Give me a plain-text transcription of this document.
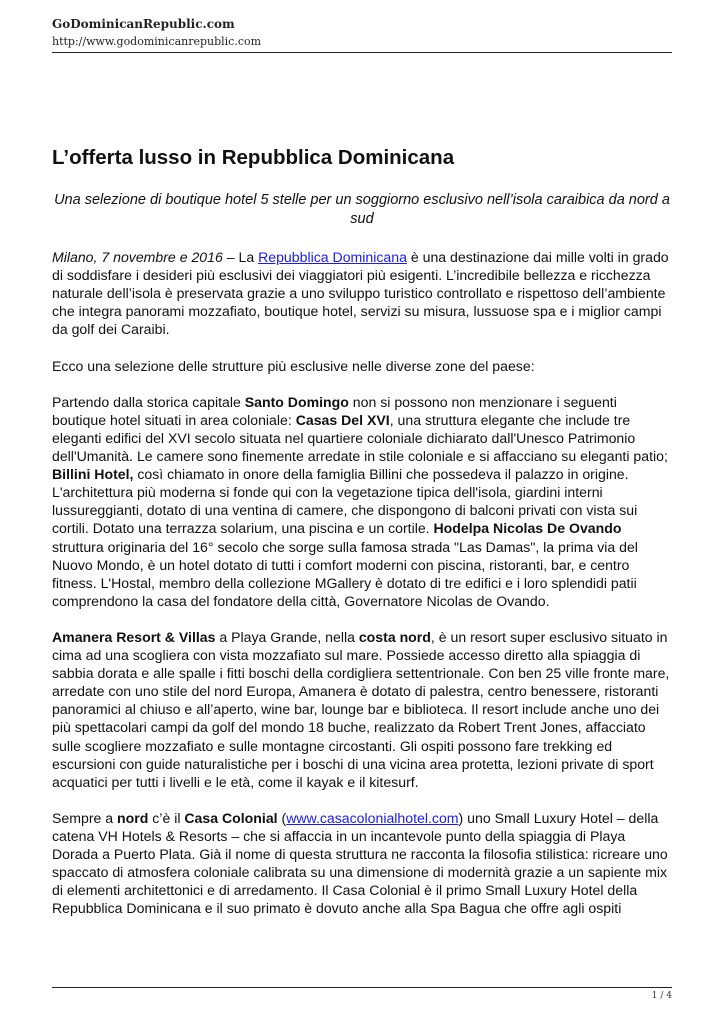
GoDominicanRepublic.com
http://www.godominicanrepublic.com
L’offerta lusso in Repubblica Dominicana

Una selezione di boutique hotel 5 stelle per un soggiorno esclusivo nell’isola caraibica da nord a sud

Milano, 7 novembre e 2016 – La Repubblica Dominicana è una destinazione dai mille volti in grado di soddisfare i desideri più esclusivi dei viaggiatori più esigenti. L’incredibile bellezza e ricchezza naturale dell’isola è preservata grazie a uno sviluppo turistico controllato e rispettoso dell’ambiente che integra panorami mozzafiato, boutique hotel, servizi su misura, lussuose spa e i miglior campi da golf dei Caraibi.

Ecco una selezione delle strutture più esclusive nelle diverse zone del paese:

Partendo dalla storica capitale Santo Domingo non si possono non menzionare i seguenti boutique hotel situati in area coloniale: Casas Del XVI, una struttura elegante che include tre eleganti edifici del XVI secolo situata nel quartiere coloniale dichiarato dall'Unesco Patrimonio dell'Umanità. Le camere sono finemente arredate in stile coloniale e si affacciano su eleganti patio; Billini Hotel, così chiamato in onore della famiglia Billini che possedeva il palazzo in origine. L'architettura più moderna si fonde qui con la vegetazione tipica dell'isola, giardini interni lussureggianti, dotato di una ventina di camere, che dispongono di balconi privati con vista sui cortili. Dotato una terrazza solarium, una piscina e un cortile. Hodelpa Nicolas De Ovando struttura originaria del 16° secolo che sorge sulla famosa strada "Las Damas", la prima via del Nuovo Mondo, è un hotel dotato di tutti i comfort moderni con piscina, ristoranti, bar, e centro fitness. L'Hostal, membro della collezione MGallery è dotato di tre edifici e i loro splendidi patii comprendono la casa del fondatore della città, Governatore Nicolas de Ovando.

Amanera Resort & Villas a Playa Grande, nella costa nord, è un resort super esclusivo situato in cima ad una scogliera con vista mozzafiato sul mare. Possiede accesso diretto alla spiaggia di sabbia dorata e alle spalle i fitti boschi della cordigliera settentrionale. Con ben 25 ville fronte mare, arredate con uno stile del nord Europa, Amanera è dotato di palestra, centro benessere, ristoranti panoramici al chiuso e all’aperto, wine bar, lounge bar e biblioteca. Il resort include anche uno dei più spettacolari campi da golf del mondo 18 buche, realizzato da Robert Trent Jones, affacciato sulle scogliere mozzafiato e sulle montagne circostanti. Gli ospiti possono fare trekking ed escursioni con guide naturalistiche per i boschi di una vicina area protetta, lezioni private di sport acquatici per tutti i livelli e le età, come il kayak e il kitesurf.

Sempre a nord c’è il Casa Colonial (www.casacolonialhotel.com) uno Small Luxury Hotel – della catena VH Hotels & Resorts – che si affaccia in un incantevole punto della spiaggia di Playa Dorada a Puerto Plata. Già il nome di questa struttura ne racconta la filosofia stilistica: ricreare uno spaccato di atmosfera coloniale calibrata su una dimensione di modernità grazie a un sapiente mix di elementi architettonici e di arredamento. Il Casa Colonial è il primo Small Luxury Hotel della Repubblica Dominicana e il suo primato è dovuto anche alla Spa Bagua che offre agli ospiti

1 / 4
